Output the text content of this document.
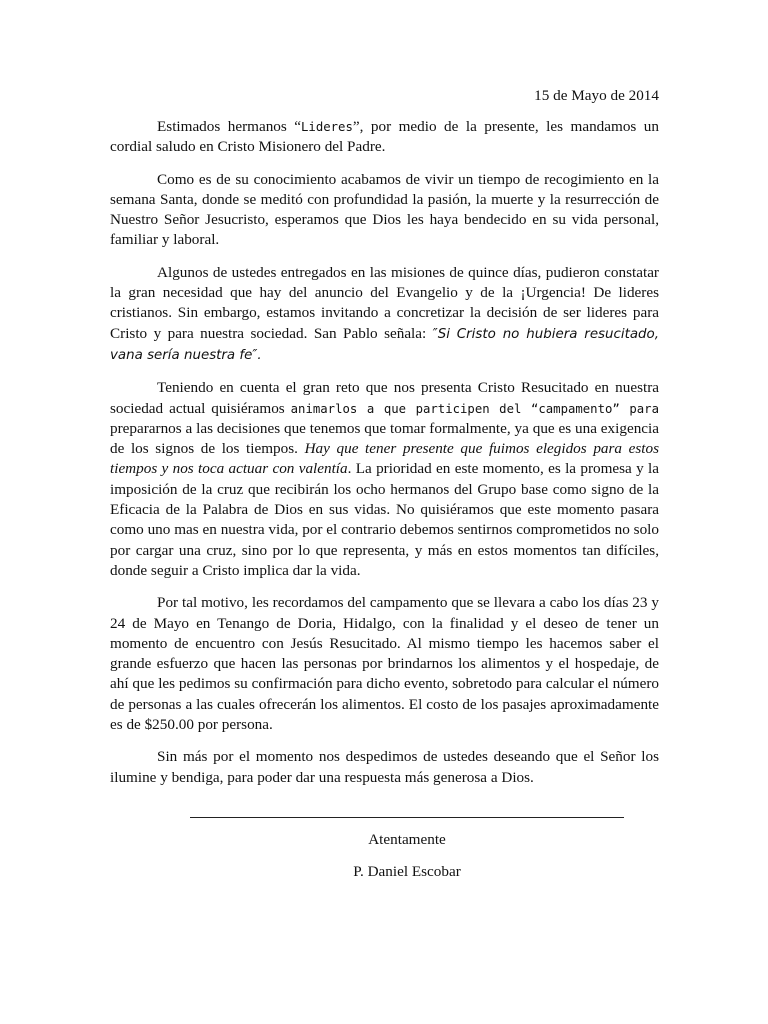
15 de Mayo de 2014

Estimados hermanos “Lideres”, por medio de la presente, les mandamos un cordial saludo en Cristo Misionero del Padre.

Como es de su conocimiento acabamos de vivir un tiempo de recogimiento en la semana Santa, donde se meditó con profundidad la pasión, la muerte y la resurrección de Nuestro Señor Jesucristo, esperamos que Dios les haya bendecido en su vida personal, familiar y laboral.

Algunos de ustedes entregados en las misiones de quince días, pudieron constatar la gran necesidad que hay del anuncio del Evangelio y de la ¡Urgencia! De lideres cristianos. Sin embargo, estamos invitando a concretizar la decisión de ser lideres para Cristo y para nuestra sociedad. San Pablo señala: ″Si Cristo no hubiera resucitado, vana sería nuestra fe″.

Teniendo en cuenta el gran reto que nos presenta Cristo Resucitado en nuestra sociedad actual quisiéramos animarlos a que participen del “campamento” para prepararnos a las decisiones que tenemos que tomar formalmente, ya que es una exigencia de los signos de los tiempos. Hay que tener presente que fuimos elegidos para estos tiempos y nos toca actuar con valentía. La prioridad en este momento, es la promesa y la imposición de la cruz que recibirán los ocho hermanos del Grupo base como signo de la Eficacia de la Palabra de Dios en sus vidas. No quisiéramos que este momento pasara como uno mas en nuestra vida, por el contrario debemos sentirnos comprometidos no solo por cargar una cruz, sino por lo que representa, y más en estos momentos tan difíciles, donde seguir a Cristo implica dar la vida.

Por tal motivo, les recordamos del campamento que se llevara a cabo los días 23 y 24 de Mayo en Tenango de Doria, Hidalgo, con la finalidad y el deseo de tener un momento de encuentro con Jesús Resucitado. Al mismo tiempo les hacemos saber el grande esfuerzo que hacen las personas por brindarnos los alimentos y el hospedaje, de ahí que les pedimos su confirmación para dicho evento, sobretodo para calcular el número de personas a las cuales ofrecerán los alimentos. El costo de los pasajes aproximadamente es de $250.00 por persona.

Sin más por el momento nos despedimos de ustedes deseando que el Señor los ilumine y bendiga, para poder dar una respuesta más generosa a Dios.

Atentamente
P. Daniel Escobar
